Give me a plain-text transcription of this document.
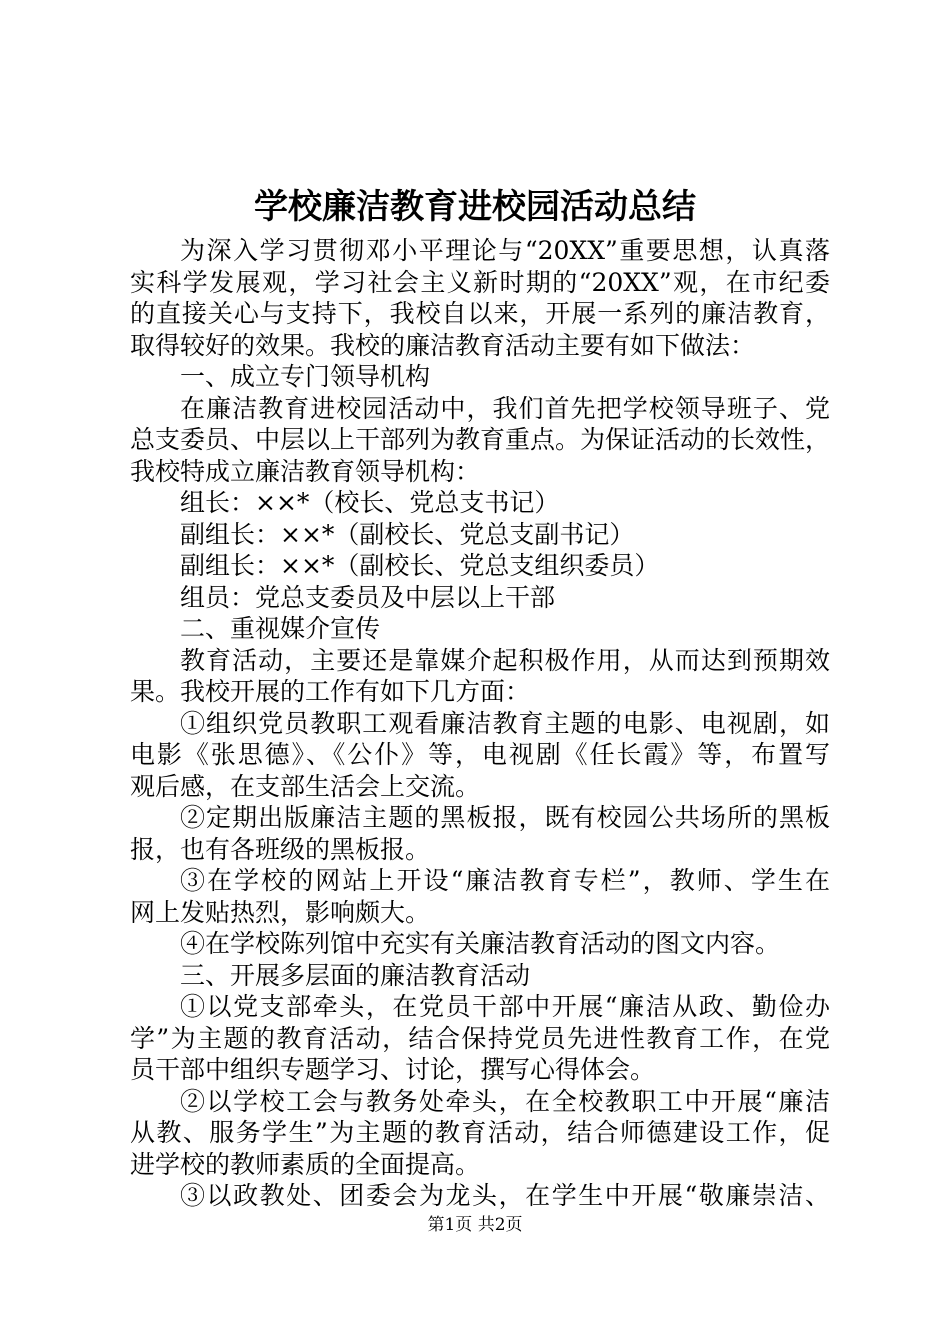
学校廉洁教育进校园活动总结
为深入学习贯彻邓小平理论与“20XX”重要思想，认真落
实科学发展观，学习社会主义新时期的“20XX”观，在市纪委
的直接关心与支持下，我校自以来，开展一系列的廉洁教育，
取得较好的效果。我校的廉洁教育活动主要有如下做法：
一、成立专门领导机构
在廉洁教育进校园活动中，我们首先把学校领导班子、党
总支委员、中层以上干部列为教育重点。为保证活动的长效性，
我校特成立廉洁教育领导机构：
组长：××*（校长、党总支书记）
副组长：××*（副校长、党总支副书记）
副组长：××*（副校长、党总支组织委员）
组员：党总支委员及中层以上干部
二、重视媒介宣传
教育活动，主要还是靠媒介起积极作用，从而达到预期效
果。我校开展的工作有如下几方面：
①组织党员教职工观看廉洁教育主题的电影、电视剧，如
电影《张思德》、《公仆》等，电视剧《任长霞》等，布置写
观后感，在支部生活会上交流。
②定期出版廉洁主题的黑板报，既有校园公共场所的黑板
报，也有各班级的黑板报。
③在学校的网站上开设“廉洁教育专栏”，教师、学生在
网上发贴热烈，影响颇大。
④在学校陈列馆中充实有关廉洁教育活动的图文内容。
三、开展多层面的廉洁教育活动
①以党支部牵头，在党员干部中开展“廉洁从政、勤俭办
学”为主题的教育活动，结合保持党员先进性教育工作，在党
员干部中组织专题学习、讨论，撰写心得体会。
②以学校工会与教务处牵头，在全校教职工中开展“廉洁
从教、服务学生”为主题的教育活动，结合师德建设工作，促
进学校的教师素质的全面提高。
③以政教处、团委会为龙头，在学生中开展“敬廉崇洁、
第1页 共2页
